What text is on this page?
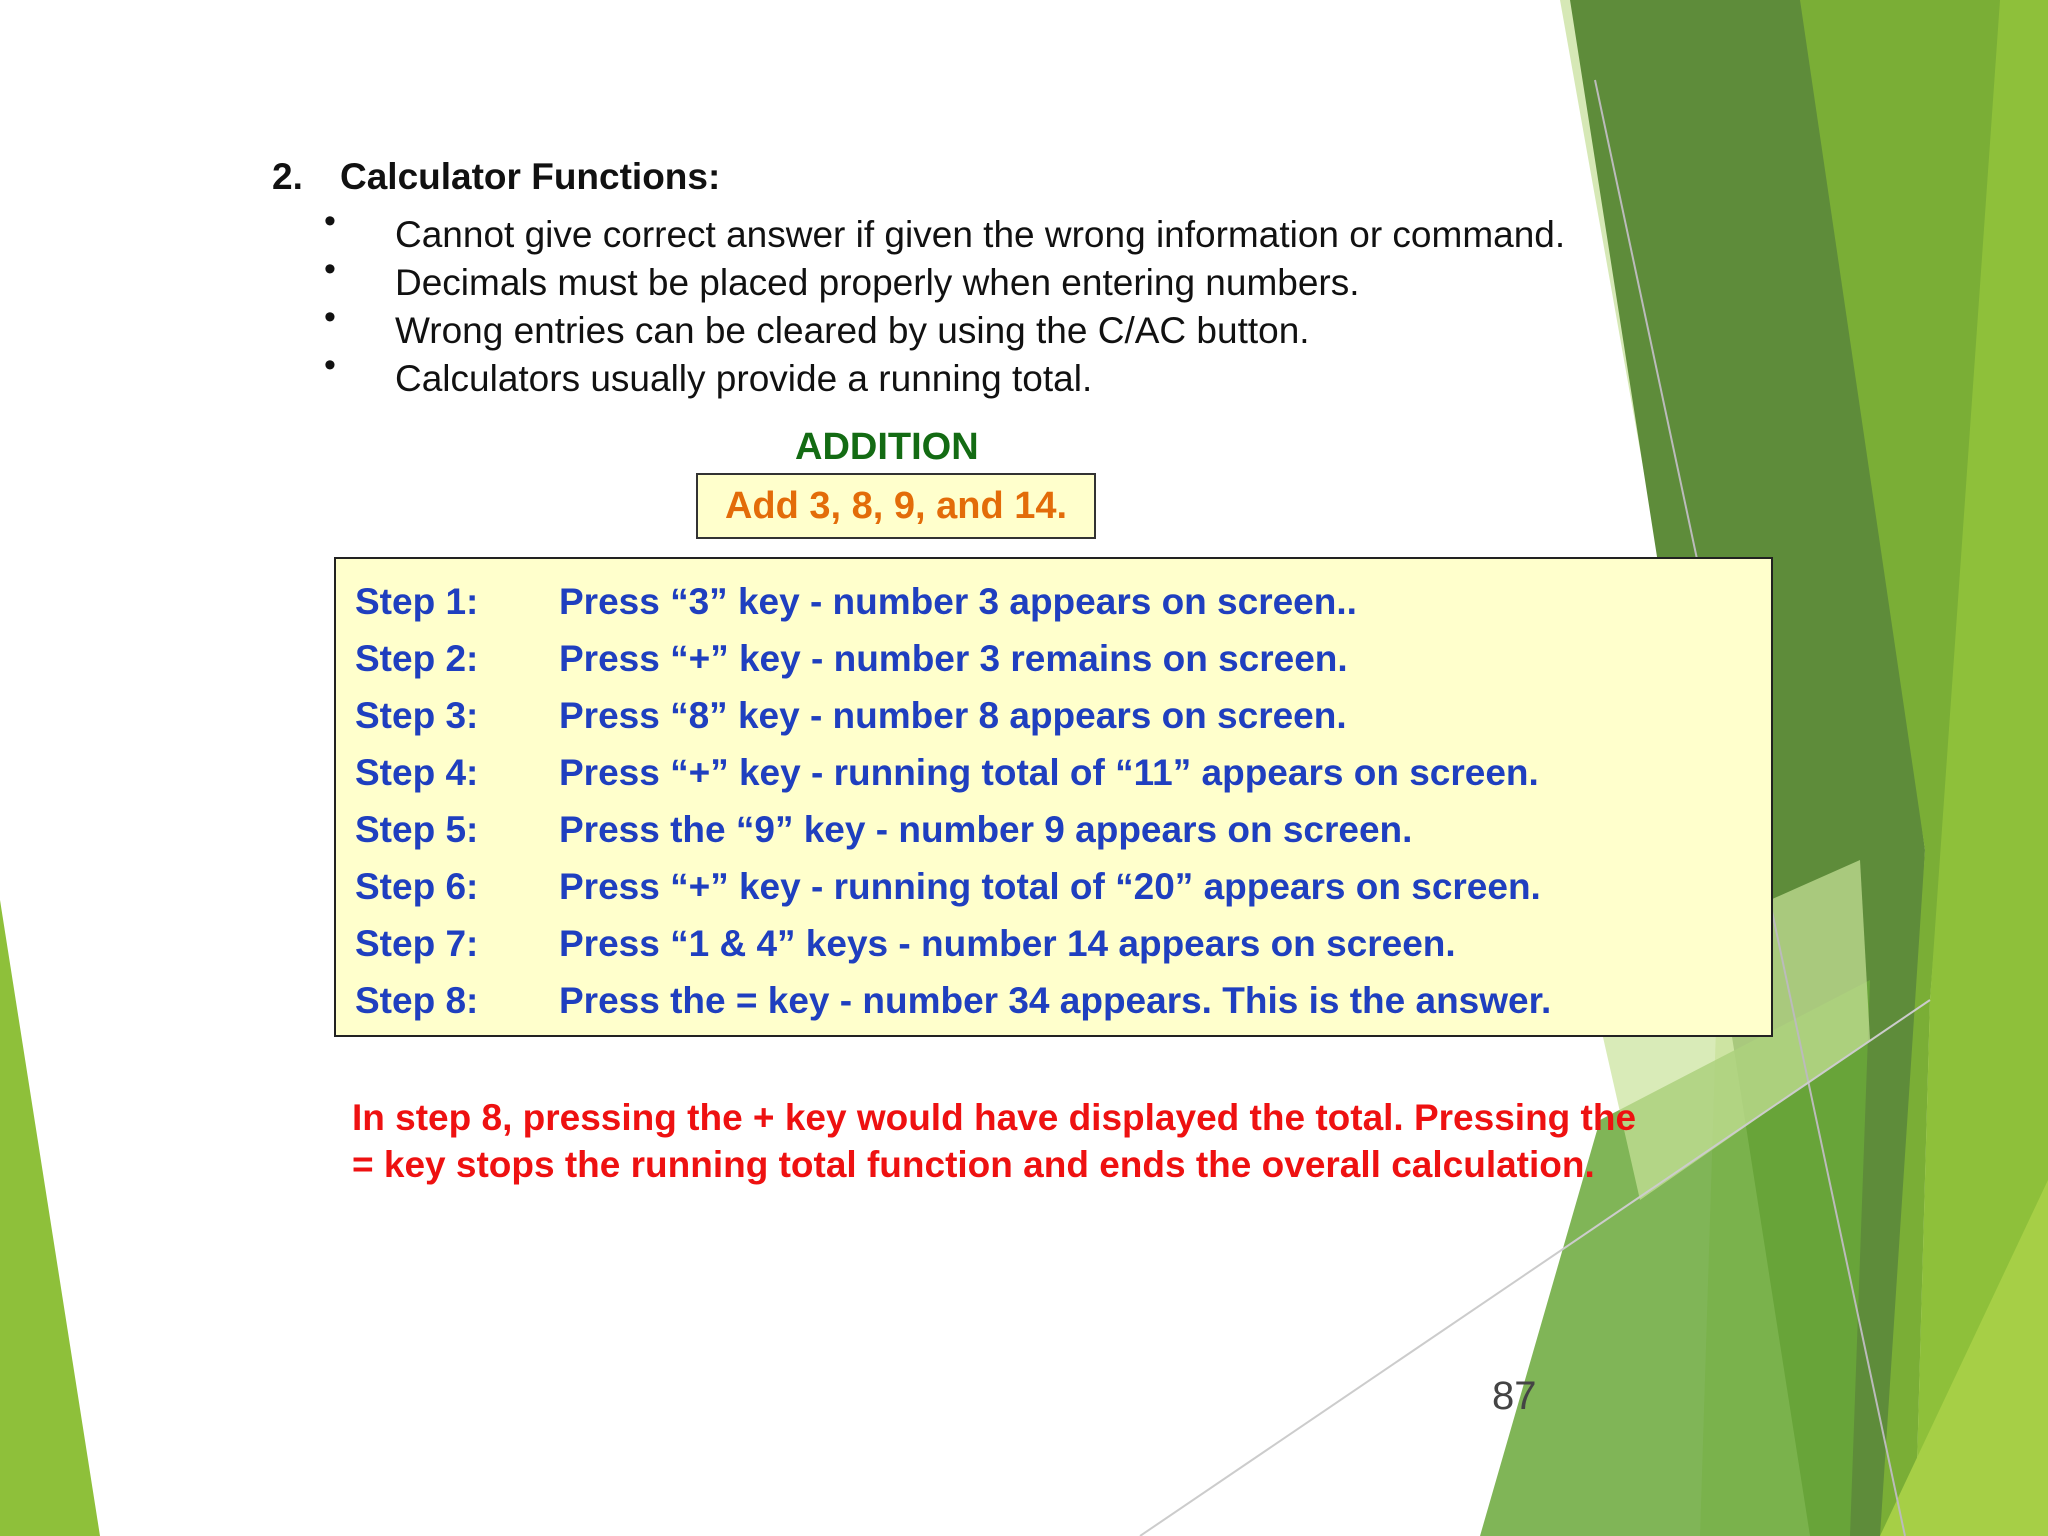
2. Calculator Functions:
• Cannot give correct answer if given the wrong information or command.
• Decimals must be placed properly when entering numbers.
• Wrong entries can be cleared by using the C/AC button.
• Calculators usually provide a running total.
ADDITION
Add 3, 8, 9, and 14.
Step 1: Press “3” key - number 3 appears on screen..
Step 2: Press “+” key - number 3 remains on screen.
Step 3: Press “8” key - number 8 appears on screen.
Step 4: Press “+” key - running total of “11” appears on screen.
Step 5: Press the “9” key - number 9 appears on screen.
Step 6: Press “+” key - running total of “20” appears on screen.
Step 7: Press “1 & 4” keys - number 14 appears on screen.
Step 8: Press the = key - number 34 appears. This is the answer.
In step 8, pressing the + key would have displayed the total. Pressing the
= key stops the running total function and ends the overall calculation.
87
